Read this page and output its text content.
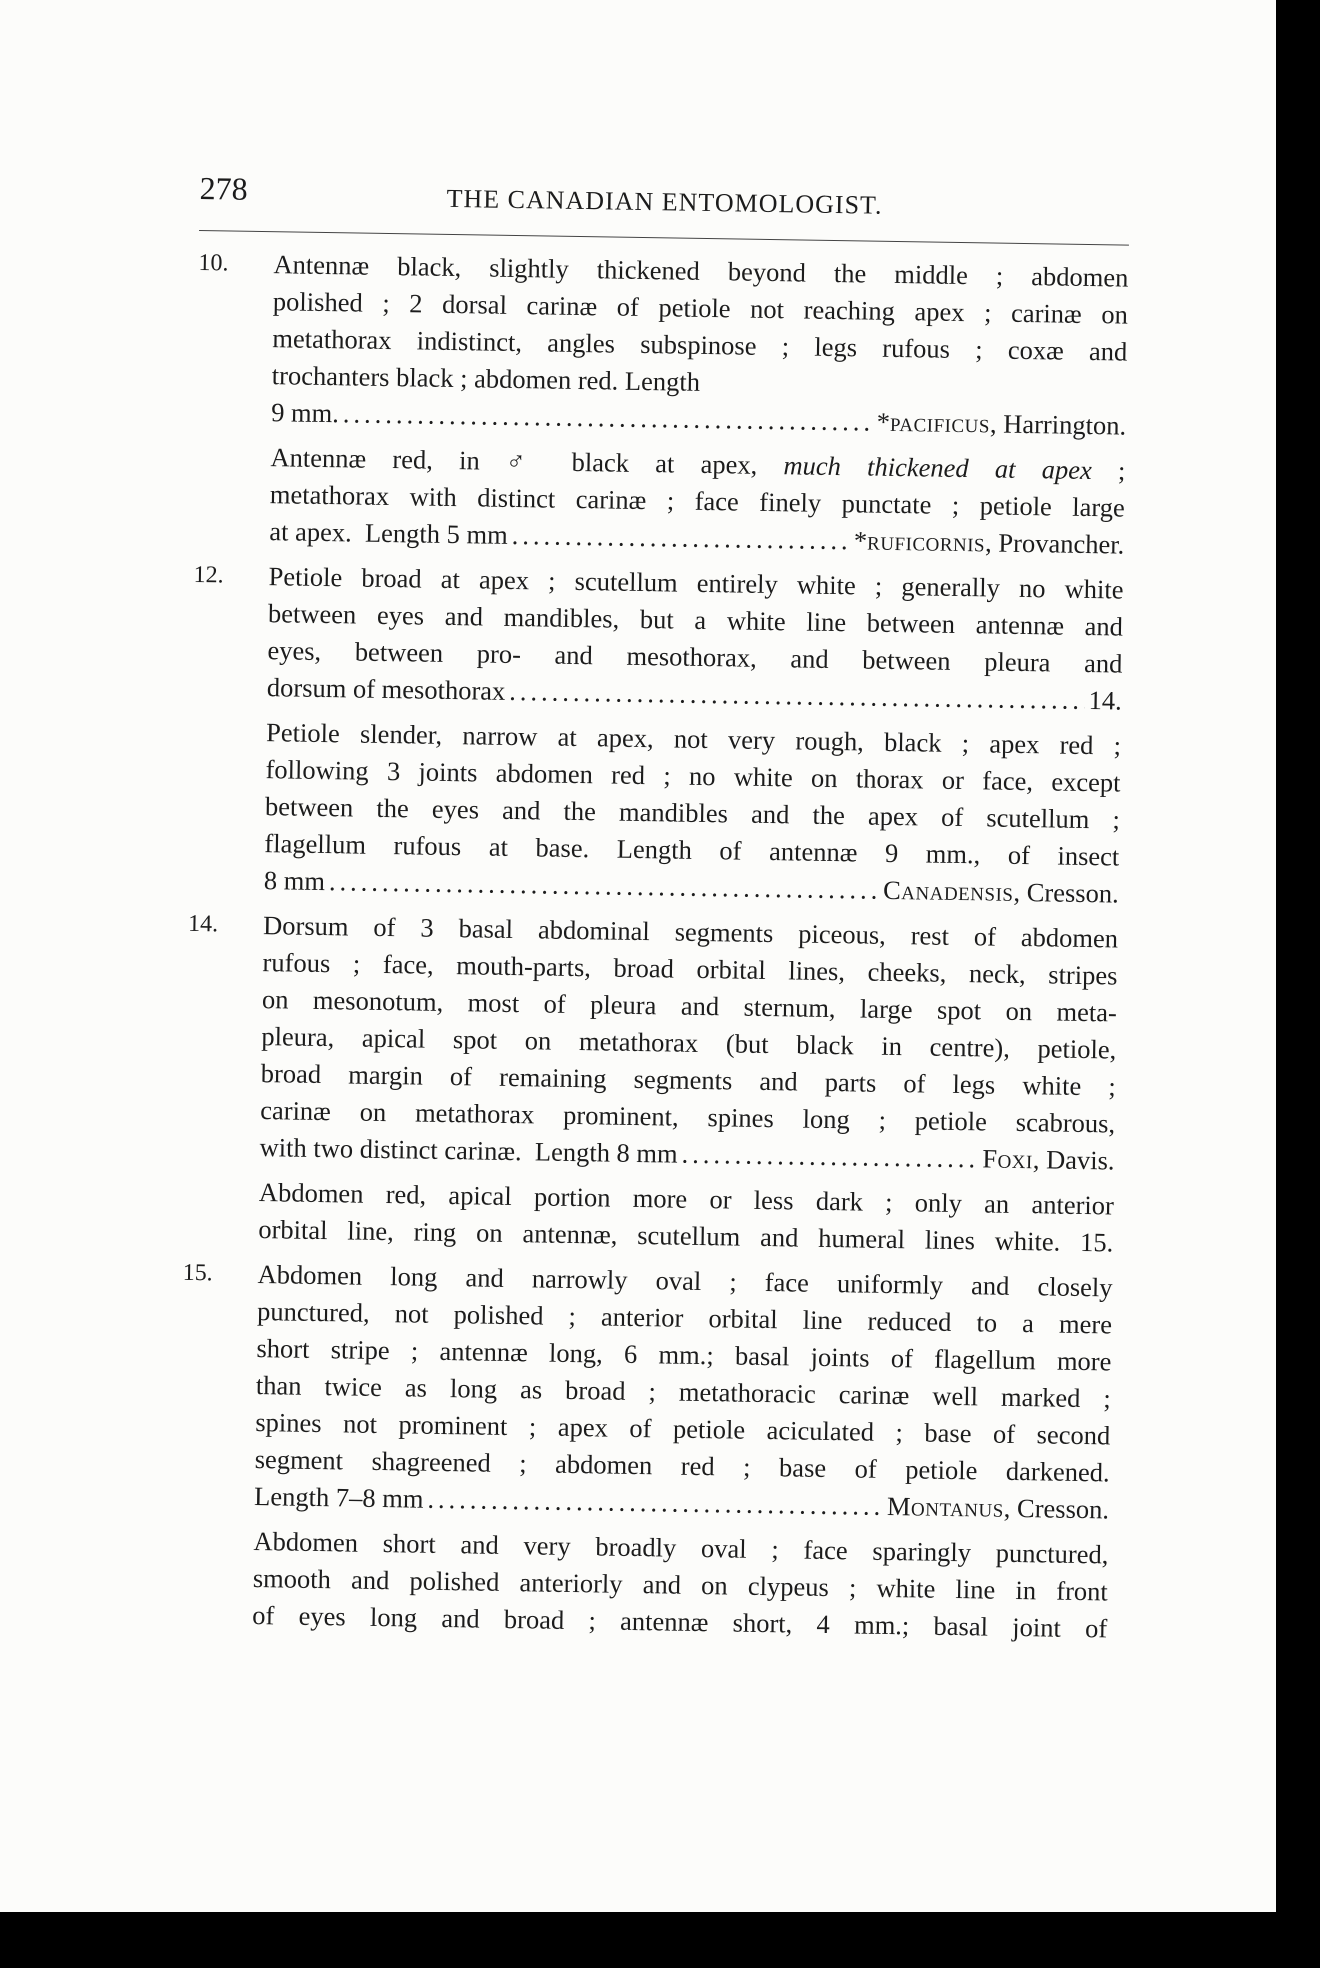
278	THE CANADIAN ENTOMOLOGIST.
10.	Antennæ black, slightly thickened beyond the middle ; abdomen
polished ; 2 dorsal carinæ of petiole not reaching apex ; carinæ on
metathorax indistinct, angles subspinose ; legs rufous ; coxæ and
trochanters black ; abdomen red. Length
9 mm. .....	*pacificus, Harrington.
Antennæ red, in ♂ black at apex, much thickened at apex ;
metathorax with distinct carinæ ; face finely punctate ; petiole large
at apex.  Length 5 mm .....	*ruficornis, Provancher.
12.	Petiole broad at apex ; scutellum entirely white ; generally no white
between eyes and mandibles, but a white line between antennæ and
eyes, between pro- and mesothorax, and between pleura and
dorsum of mesothorax .....	14.
Petiole slender, narrow at apex, not very rough, black ; apex red ;
following 3 joints abdomen red ; no white on thorax or face, except
between the eyes and the mandibles and the apex of scutellum ;
flagellum rufous at base. Length of antennæ 9 mm., of insect
8 mm .....	Canadensis, Cresson.
14.	Dorsum of 3 basal abdominal segments piceous, rest of abdomen
rufous ; face, mouth-parts, broad orbital lines, cheeks, neck, stripes
on mesonotum, most of pleura and sternum, large spot on meta-
pleura, apical spot on metathorax (but black in centre), petiole,
broad margin of remaining segments and parts of legs white ;
carinæ on metathorax prominent, spines long ; petiole scabrous,
with two distinct carinæ.  Length 8 mm .....	Foxi, Davis.
Abdomen red, apical portion more or less dark ; only an anterior
orbital line, ring on antennæ, scutellum and humeral lines white. 15.
15.	Abdomen long and narrowly oval ; face uniformly and closely
punctured, not polished ; anterior orbital line reduced to a mere
short stripe ; antennæ long, 6 mm.; basal joints of flagellum more
than twice as long as broad ; metathoracic carinæ well marked ;
spines not prominent ; apex of petiole aciculated ; base of second
segment shagreened ; abdomen red ; base of petiole darkened.
Length 7–8 mm .....	Montanus, Cresson.
Abdomen short and very broadly oval ; face sparingly punctured,
smooth and polished anteriorly and on clypeus ; white line in front
of eyes long and broad ; antennæ short, 4 mm.; basal joint of
